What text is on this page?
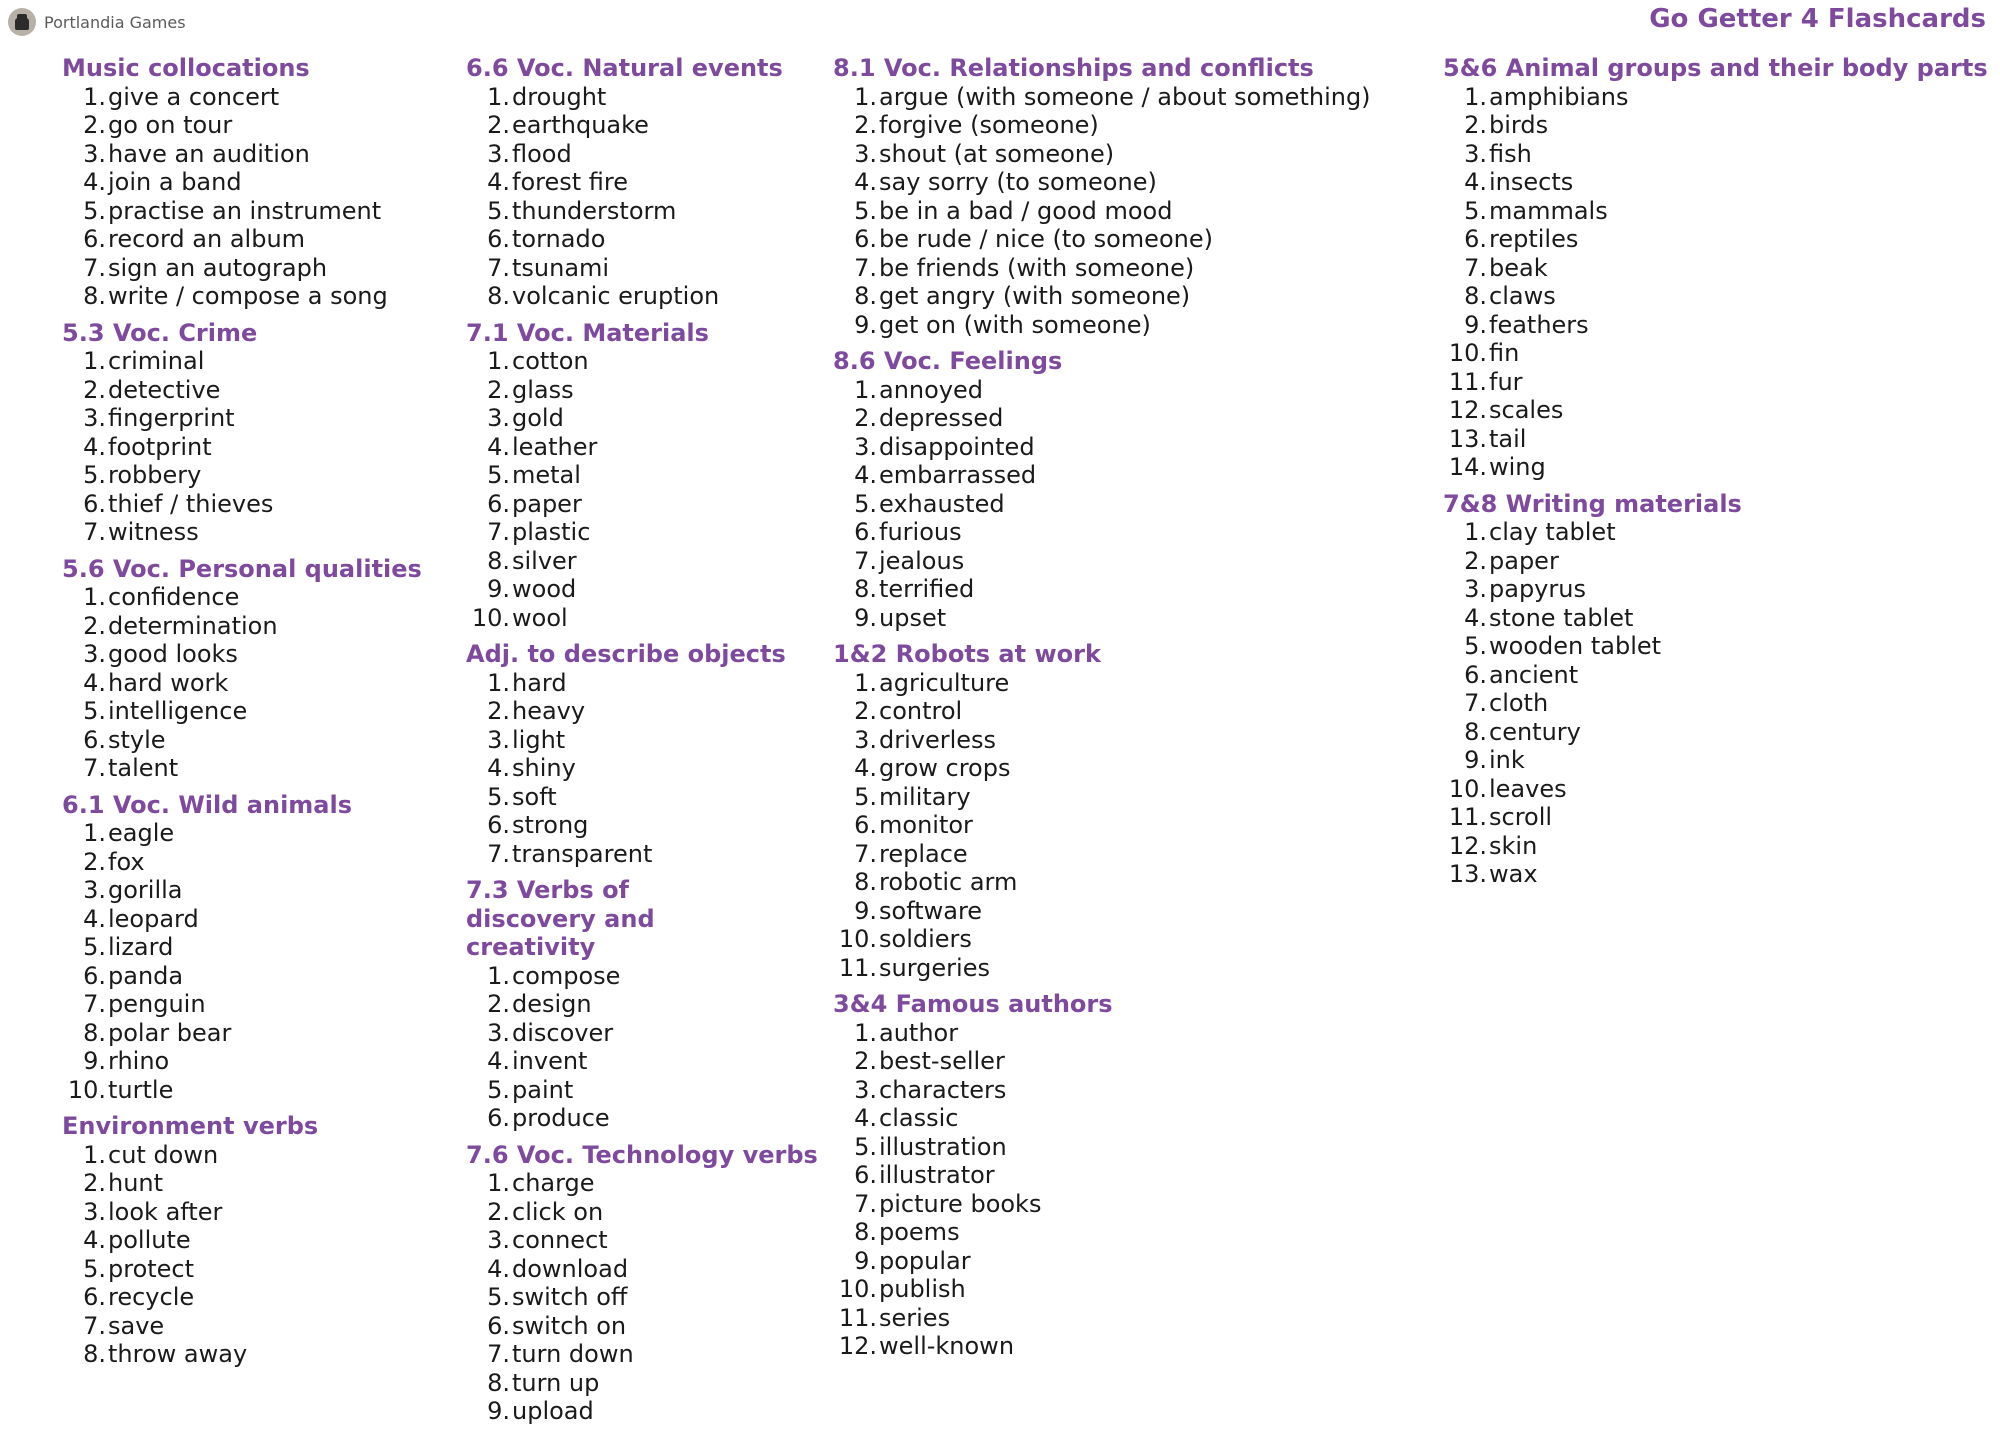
Portlandia Games	Go Getter 4 Flashcards
Music collocations
1. give a concert
2. go on tour
3. have an audition
4. join a band
5. practise an instrument
6. record an album
7. sign an autograph
8. write / compose a song
5.3 Voc. Crime
1. criminal
2. detective
3. fingerprint
4. footprint
5. robbery
6. thief / thieves
7. witness
5.6 Voc. Personal qualities
1. confidence
2. determination
3. good looks
4. hard work
5. intelligence
6. style
7. talent
6.1 Voc. Wild animals
1. eagle
2. fox
3. gorilla
4. leopard
5. lizard
6. panda
7. penguin
8. polar bear
9. rhino
10. turtle
Environment verbs
1. cut down
2. hunt
3. look after
4. pollute
5. protect
6. recycle
7. save
8. throw away
6.6 Voc. Natural events
1. drought
2. earthquake
3. flood
4. forest fire
5. thunderstorm
6. tornado
7. tsunami
8. volcanic eruption
7.1 Voc. Materials
1. cotton
2. glass
3. gold
4. leather
5. metal
6. paper
7. plastic
8. silver
9. wood
10. wool
Adj. to describe objects
1. hard
2. heavy
3. light
4. shiny
5. soft
6. strong
7. transparent
7.3 Verbs of discovery and creativity
1. compose
2. design
3. discover
4. invent
5. paint
6. produce
7.6 Voc. Technology verbs
1. charge
2. click on
3. connect
4. download
5. switch off
6. switch on
7. turn down
8. turn up
9. upload
8.1 Voc. Relationships and conflicts
1. argue (with someone / about something)
2. forgive (someone)
3. shout (at someone)
4. say sorry (to someone)
5. be in a bad / good mood
6. be rude / nice (to someone)
7. be friends (with someone)
8. get angry (with someone)
9. get on (with someone)
8.6 Voc. Feelings
1. annoyed
2. depressed
3. disappointed
4. embarrassed
5. exhausted
6. furious
7. jealous
8. terrified
9. upset
1&2 Robots at work
1. agriculture
2. control
3. driverless
4. grow crops
5. military
6. monitor
7. replace
8. robotic arm
9. software
10. soldiers
11. surgeries
3&4 Famous authors
1. author
2. best-seller
3. characters
4. classic
5. illustration
6. illustrator
7. picture books
8. poems
9. popular
10. publish
11. series
12. well-known
5&6 Animal groups and their body parts
1. amphibians
2. birds
3. fish
4. insects
5. mammals
6. reptiles
7. beak
8. claws
9. feathers
10. fin
11. fur
12. scales
13. tail
14. wing
7&8 Writing materials
1. clay tablet
2. paper
3. papyrus
4. stone tablet
5. wooden tablet
6. ancient
7. cloth
8. century
9. ink
10. leaves
11. scroll
12. skin
13. wax
